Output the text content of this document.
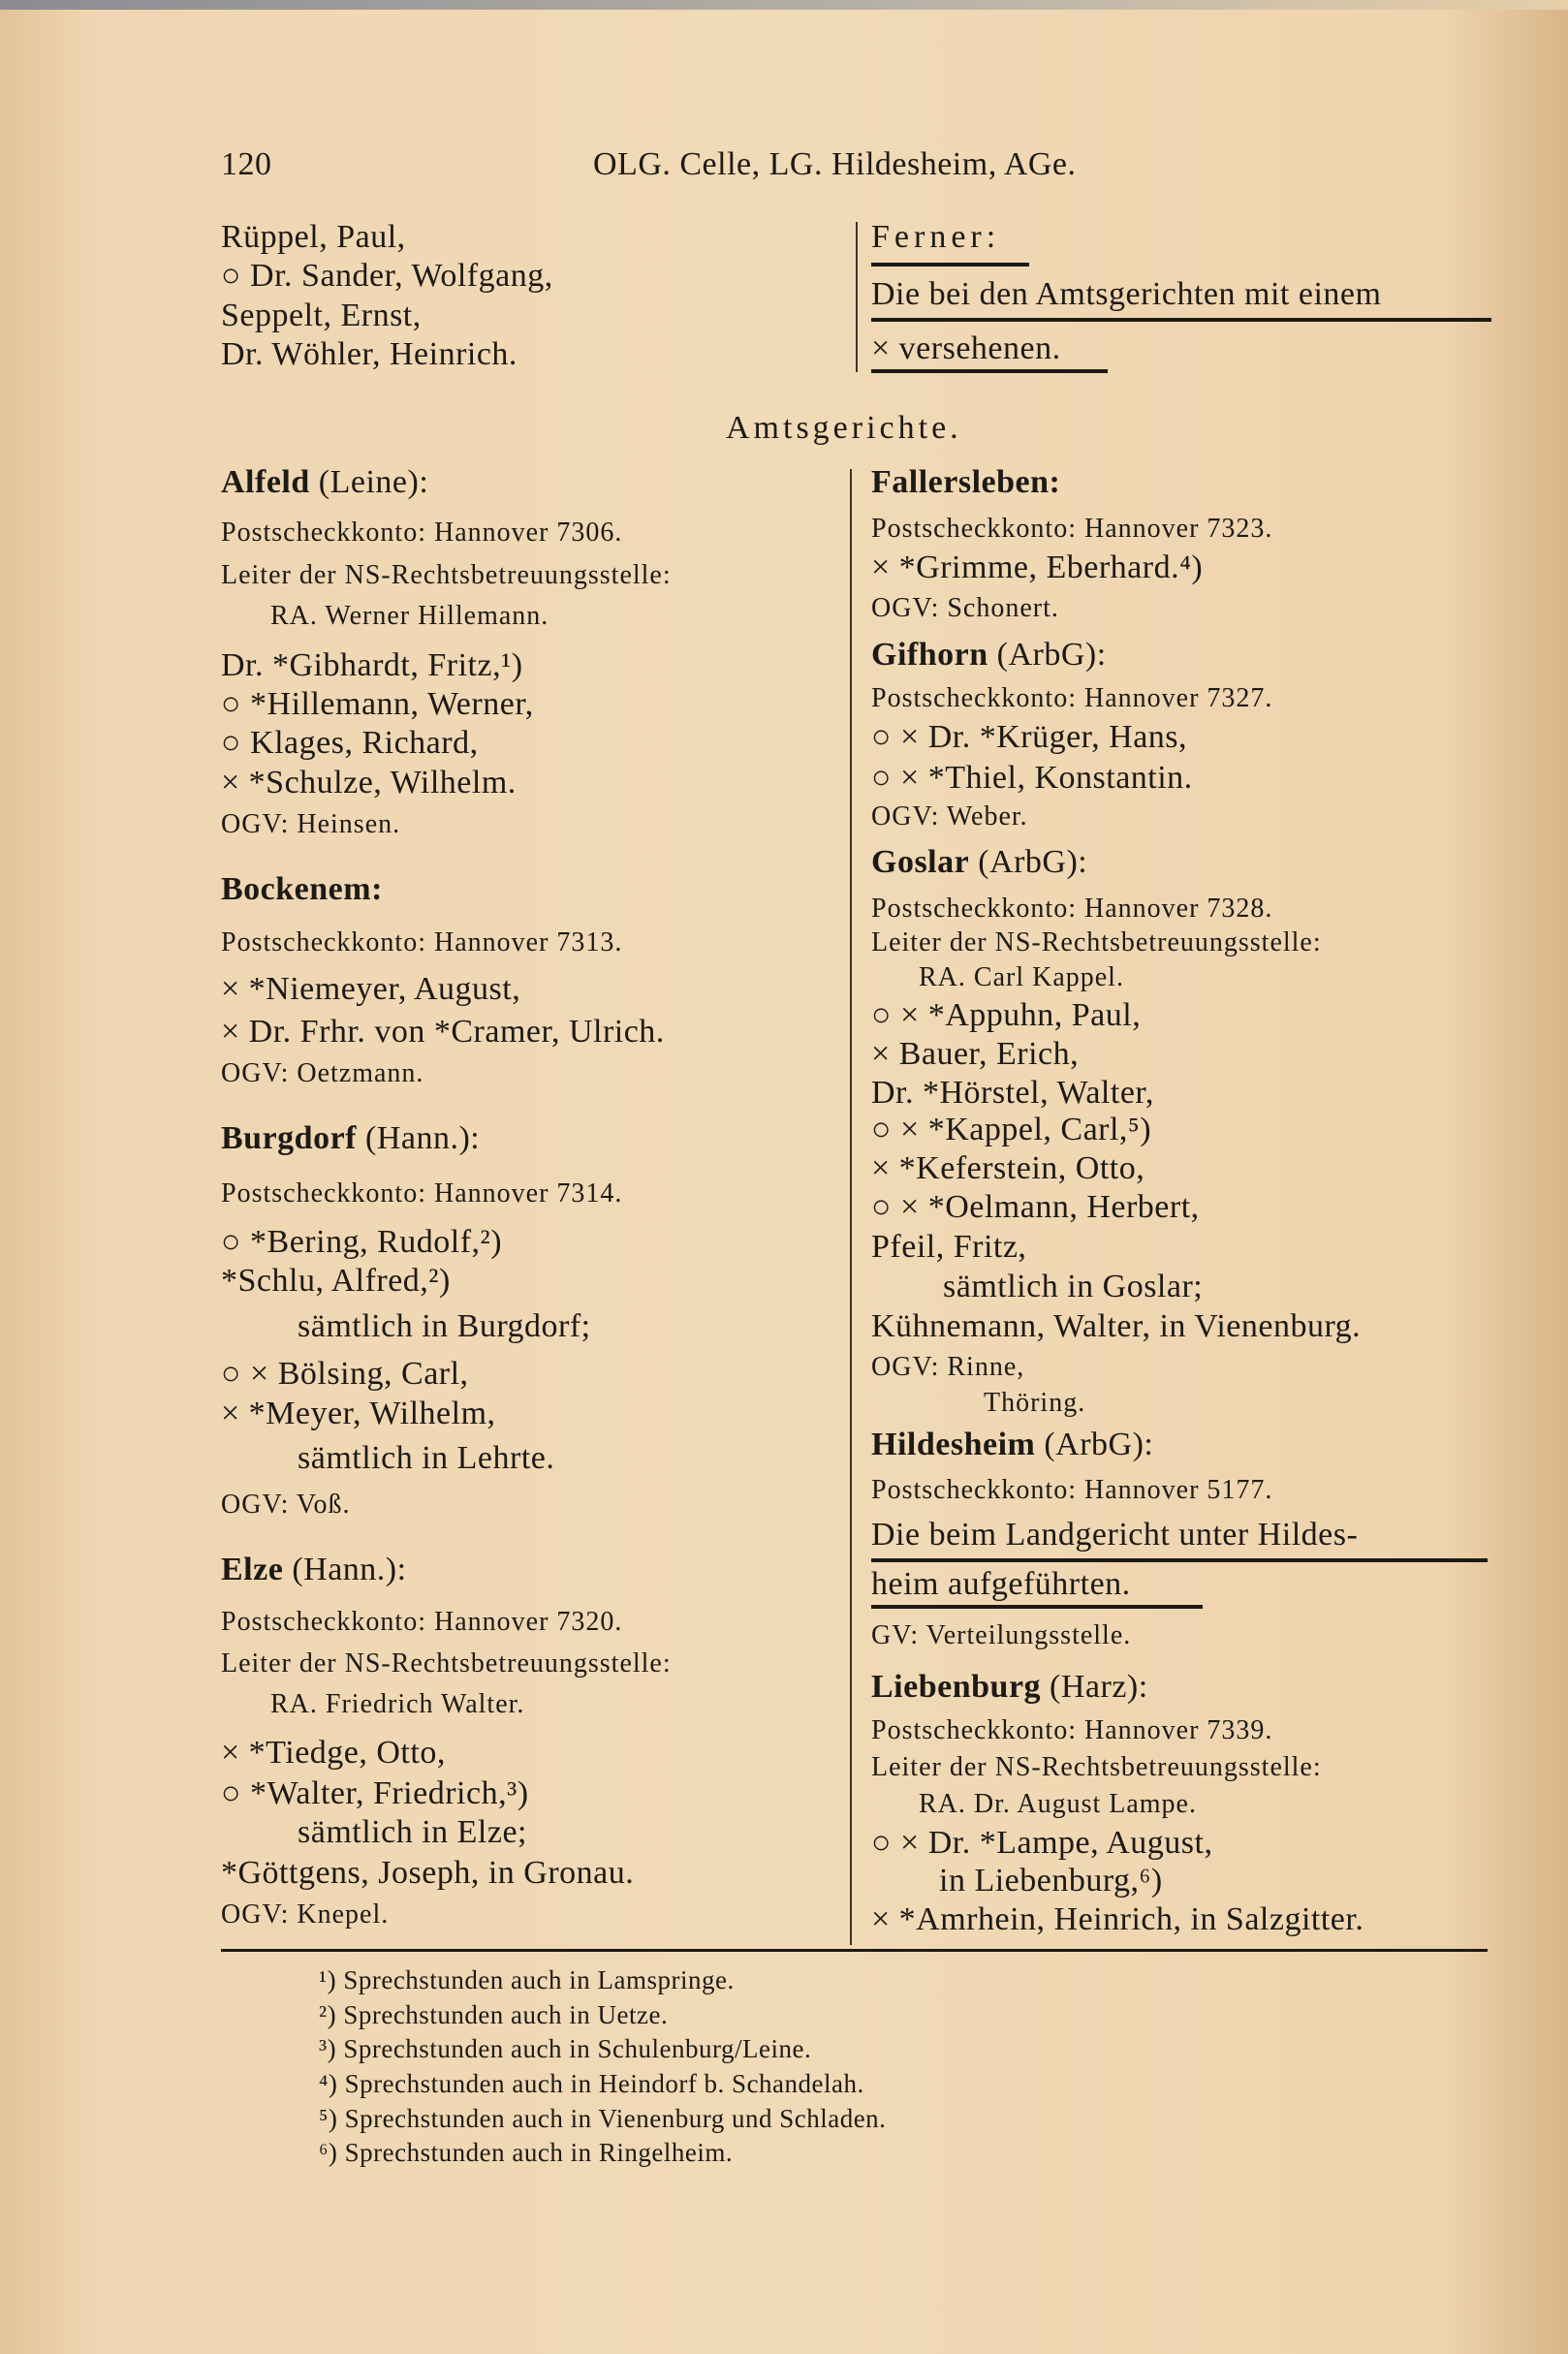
120	OLG. Celle, LG. Hildesheim, AGe.
Rüppel, Paul,
○ Dr. Sander, Wolfgang,
Seppelt, Ernst,
Dr. Wöhler, Heinrich.
Ferner:
Die bei den Amtsgerichten mit einem
× versehenen.
Amtsgerichte.
Alfeld (Leine):
Postscheckkonto: Hannover 7306.
Leiter der NS-Rechtsbetreuungsstelle:
RA. Werner Hillemann.
Dr. *Gibhardt, Fritz,¹)
○ *Hillemann, Werner,
○ Klages, Richard,
× *Schulze, Wilhelm.
OGV: Heinsen.
Bockenem:
Postscheckkonto: Hannover 7313.
× *Niemeyer, August,
× Dr. Frhr. von *Cramer, Ulrich.
OGV: Oetzmann.
Burgdorf (Hann.):
Postscheckkonto: Hannover 7314.
○ *Bering, Rudolf,²)
*Schlu, Alfred,²)
sämtlich in Burgdorf;
○ × Bölsing, Carl,
× *Meyer, Wilhelm,
sämtlich in Lehrte.
OGV: Voß.
Elze (Hann.):
Postscheckkonto: Hannover 7320.
Leiter der NS-Rechtsbetreuungsstelle:
RA. Friedrich Walter.
× *Tiedge, Otto,
○ *Walter, Friedrich,³)
sämtlich in Elze;
*Göttgens, Joseph, in Gronau.
OGV: Knepel.
Fallersleben:
Postscheckkonto: Hannover 7323.
× *Grimme, Eberhard.⁴)
OGV: Schonert.
Gifhorn (ArbG):
Postscheckkonto: Hannover 7327.
○ × Dr. *Krüger, Hans,
○ × *Thiel, Konstantin.
OGV: Weber.
Goslar (ArbG):
Postscheckkonto: Hannover 7328.
Leiter der NS-Rechtsbetreuungsstelle:
RA. Carl Kappel.
○ × *Appuhn, Paul,
× Bauer, Erich,
Dr. *Hörstel, Walter,
○ × *Kappel, Carl,⁵)
× *Keferstein, Otto,
○ × *Oelmann, Herbert,
Pfeil, Fritz,
sämtlich in Goslar;
Kühnemann, Walter, in Vienenburg.
OGV: Rinne,
Thöring.
Hildesheim (ArbG):
Postscheckkonto: Hannover 5177.
Die beim Landgericht unter Hildes-
heim aufgeführten.
GV: Verteilungsstelle.
Liebenburg (Harz):
Postscheckkonto: Hannover 7339.
Leiter der NS-Rechtsbetreuungsstelle:
RA. Dr. August Lampe.
○ × Dr. *Lampe, August,
in Liebenburg,⁶)
× *Amrhein, Heinrich, in Salzgitter.
¹) Sprechstunden auch in Lamspringe.
²) Sprechstunden auch in Uetze.
³) Sprechstunden auch in Schulenburg/Leine.
⁴) Sprechstunden auch in Heindorf b. Schandelah.
⁵) Sprechstunden auch in Vienenburg und Schladen.
⁶) Sprechstunden auch in Ringelheim.
